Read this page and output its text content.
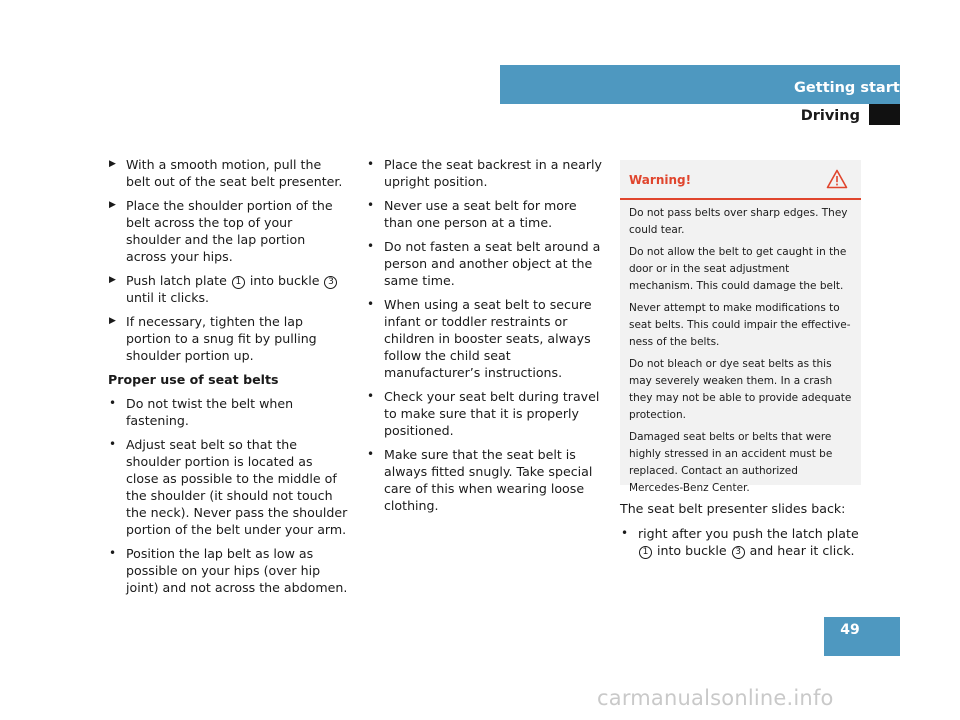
Getting started
Driving
▶ With a smooth motion, pull the belt out of the seat belt presenter.
▶ Place the shoulder portion of the belt across the top of your shoulder and the lap portion across your hips.
▶ Push latch plate 1 into buckle 3 until it clicks.
▶ If necessary, tighten the lap portion to a snug fit by pulling shoulder portion up.
Proper use of seat belts
• Do not twist the belt when fastening.
• Adjust seat belt so that the shoulder portion is located as close as possible to the middle of the shoulder (it should not touch the neck). Never pass the shoulder portion of the belt under your arm.
• Position the lap belt as low as possible on your hips (over hip joint) and not across the abdomen.
• Place the seat backrest in a nearly upright position.
• Never use a seat belt for more than one person at a time.
• Do not fasten a seat belt around a person and another object at the same time.
• When using a seat belt to secure infant or toddler restraints or children in booster seats, always follow the child seat manufacturer’s instructions.
• Check your seat belt during travel to make sure that it is properly positioned.
• Make sure that the seat belt is always fitted snugly. Take special care of this when wearing loose clothing.
Warning!

Do not pass belts over sharp edges. They could tear.

Do not allow the belt to get caught in the door or in the seat adjustment mechanism. This could damage the belt.

Never attempt to make modifications to seat belts. This could impair the effective-ness of the belts.

Do not bleach or dye seat belts as this may severely weaken them. In a crash they may not be able to provide adequate protection.

Damaged seat belts or belts that were highly stressed in an accident must be replaced. Contact an authorized Mercedes-Benz Center.

The seat belt presenter slides back:
• right after you push the latch plate 1 into buckle 3 and hear it click.
49
carmanualsonline.info
